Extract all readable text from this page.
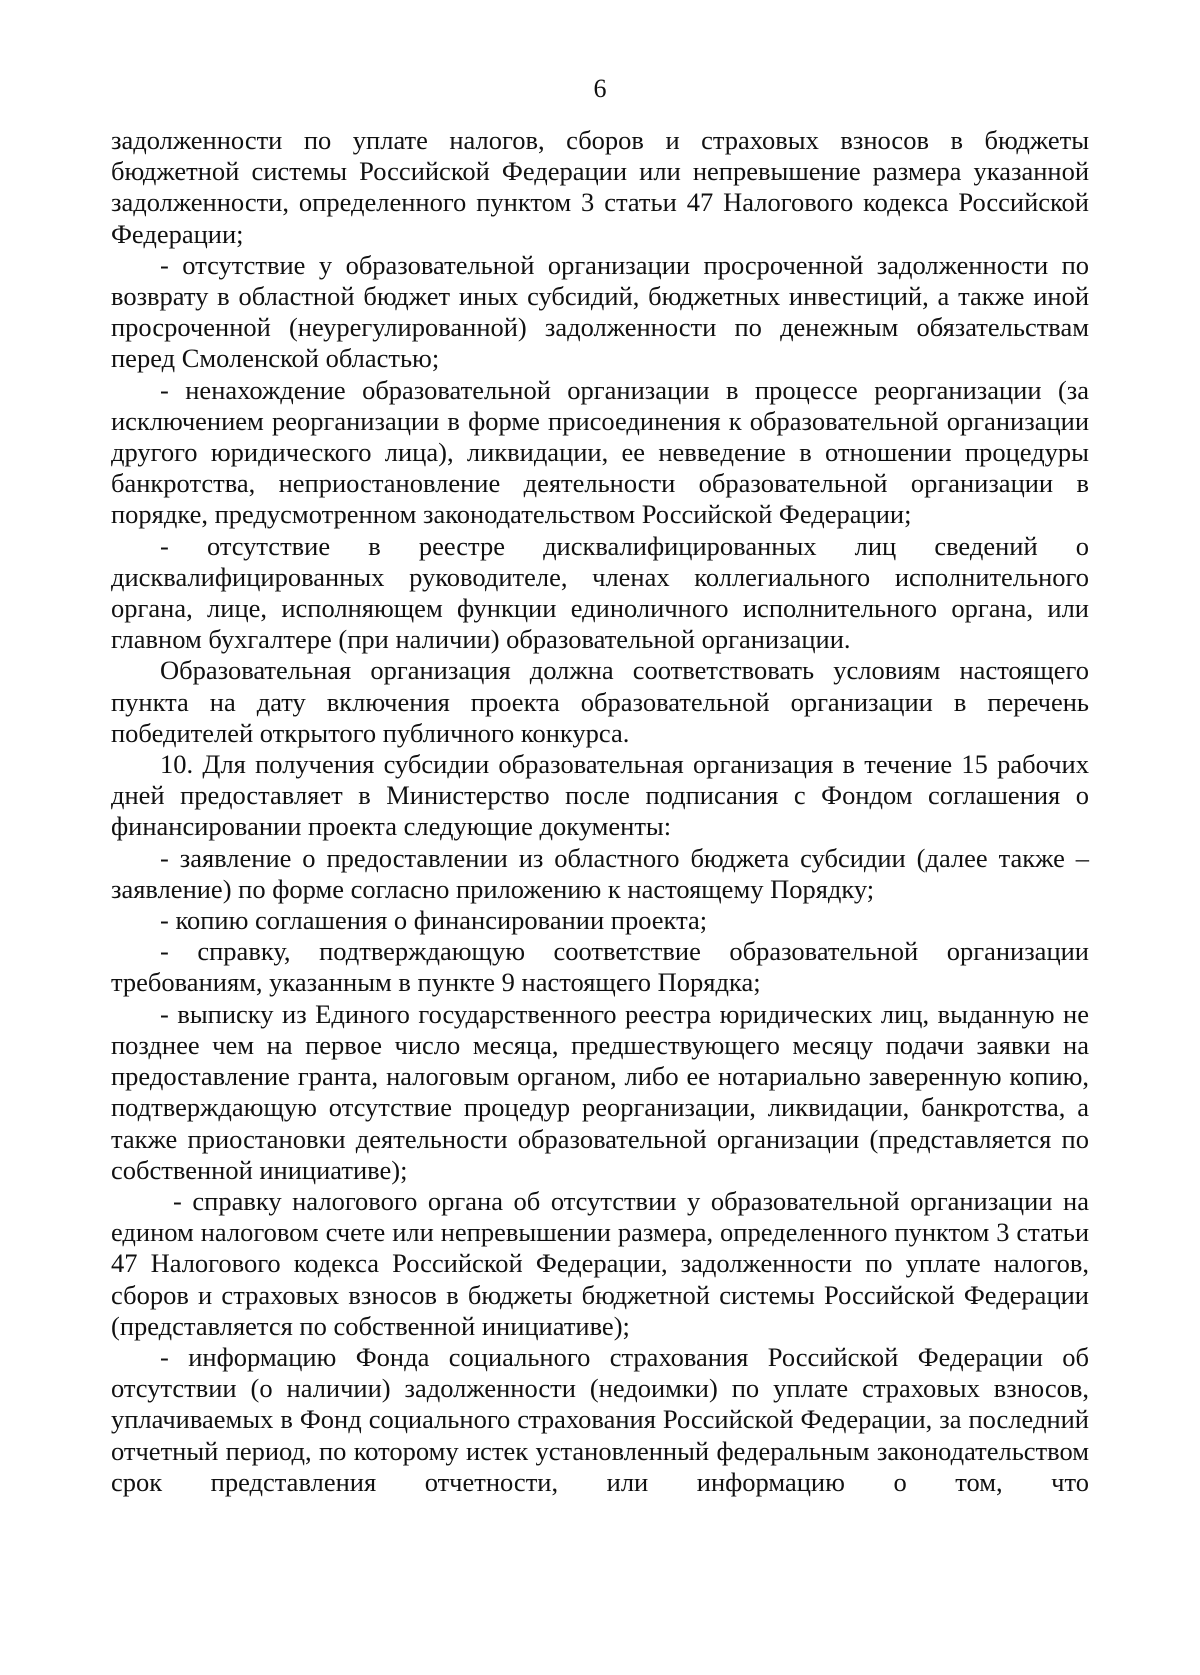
6

задолженности по уплате налогов, сборов и страховых взносов в бюджеты бюджетной системы Российской Федерации или непревышение размера указанной задолженности, определенного пунктом 3 статьи 47 Налогового кодекса Российской Федерации;

- отсутствие у образовательной организации просроченной задолженности по возврату в областной бюджет иных субсидий, бюджетных инвестиций, а также иной просроченной (неурегулированной) задолженности по денежным обязательствам перед Смоленской областью;

- ненахождение образовательной организации в процессе реорганизации (за исключением реорганизации в форме присоединения к образовательной организации другого юридического лица), ликвидации, ее невведение в отношении процедуры банкротства, неприостановление деятельности образовательной организации в порядке, предусмотренном законодательством Российской Федерации;

- отсутствие в реестре дисквалифицированных лиц сведений о дисквалифицированных руководителе, членах коллегиального исполнительного органа, лице, исполняющем функции единоличного исполнительного органа, или главном бухгалтере (при наличии) образовательной организации.

Образовательная организация должна соответствовать условиям настоящего пункта на дату включения проекта образовательной организации в перечень победителей открытого публичного конкурса.

10. Для получения субсидии образовательная организация в течение 15 рабочих дней предоставляет в Министерство после подписания с Фондом соглашения о финансировании проекта следующие документы:

- заявление о предоставлении из областного бюджета субсидии (далее также – заявление) по форме согласно приложению к настоящему Порядку;

- копию соглашения о финансировании проекта;

- справку, подтверждающую соответствие образовательной организации требованиям, указанным в пункте 9 настоящего Порядка;

- выписку из Единого государственного реестра юридических лиц, выданную не позднее чем на первое число месяца, предшествующего месяцу подачи заявки на предоставление гранта, налоговым органом, либо ее нотариально заверенную копию, подтверждающую отсутствие процедур реорганизации, ликвидации, банкротства, а также приостановки деятельности образовательной организации (представляется по собственной инициативе);

- справку налогового органа об отсутствии у образовательной организации на едином налоговом счете или непревышении размера, определенного пунктом 3 статьи 47 Налогового кодекса Российской Федерации, задолженности по уплате налогов, сборов и страховых взносов в бюджеты бюджетной системы Российской Федерации (представляется по собственной инициативе);

- информацию Фонда социального страхования Российской Федерации об отсутствии (о наличии) задолженности (недоимки) по уплате страховых взносов, уплачиваемых в Фонд социального страхования Российской Федерации, за последний отчетный период, по которому истек установленный федеральным законодательством срок представления отчетности, или информацию о том, что
